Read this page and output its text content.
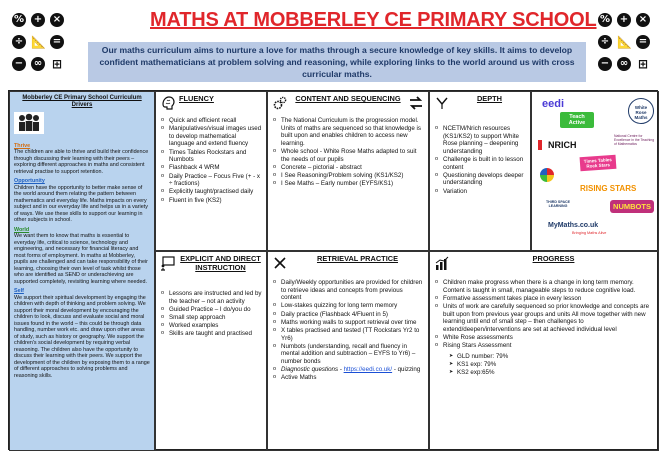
MATHS AT MOBBERLEY CE PRIMARY SCHOOL
% + ×
÷ 📐 =
− ∞ ⊞
% + ×
÷ 📐 =
− ∞ ⊞
Our maths curriculum aims to nurture a love for maths through a secure knowledge of key skills. It aims to develop confident mathematicians at problem solving and reasoning, while exploring links to the world around us with cross curricular maths.
Mobberley CE Primary School Curriculum Drivers
Thrive

The children are able to thrive and build their confidence through discussing their learning with their peers – exploring different approaches in maths and consistent retrieval practise to support retention.

Opportunity

Children have the opportunity to better make sense of the world around them relating the pattern between mathematics and everyday life. Maths impacts on every subject and in our everyday life and helps us in a variety of ways. We use these skills to support our learning in other subjects in school.

World

We want them to know that maths is essential to everyday life, critical to science, technology and engineering, and necessary for financial literacy and most forms of employment. In maths at Mobberley, pupils are challenged and can take responsibility of their learning, choosing their own level of task whilst those who are identified as SEND or underachieving are supported completely, revisiting learning where needed.

Self

We support their spiritual development by engaging the children with depth of thinking and problem solving. We support their moral development by encouraging the children to look, discuss and evaluate social and moral issues found in the world – this could be through data handling, number work etc. and draw upon other areas of study, such as history or geography. We support the children's social development by requiring verbal reasoning. The children also have the opportunity to discuss their learning with their peers. We support the development of the children by exposing them to a range of different approaches to solving problems and reasoning skills.

FLUENCY
o Quick and efficient recall
o Manipulatives/visual images used to develop mathematical language and extend fluency
o Times Tables Rockstars and Numbots
o Flashback 4 WRM
o Daily Practice – Focus Five (+ - x ÷ fractions)
o Explicitly taught/practised daily
o Fluent in five (KS2)
CONTENT AND SEQUENCING
o The National Curriculum is the progression model. Units of maths are sequenced so that knowledge is built upon and enables children to access new learning.
o Whole school - White Rose Maths adapted to suit the needs of our pupils
o Concrete – pictorial - abstract
o I See Reasoning/Problem solving (KS1/KS2)
o I See Maths – Early number (EYFS/KS1)
DEPTH
o NCETM/Nrich resources (KS1/KS2) to support White Rose planning – deepening understanding
o Challenge is built in to lesson content
o Questioning develops deeper understanding
o Variation
eedi
Teach Active
White Rose Maths
NRICH
National Centre for Excellence in the Teaching of Mathematics
Times Tables Rock Stars
RISING STARS
THIRD SPACE LEARNING	NUMBOTS
MyMaths.co.uk
Bringing Maths Alive
EXPLICIT AND DIRECT INSTRUCTION
o Lessons are instructed and led by the teacher – not an activity
o Guided Practice – I do/you do
o Small step approach
o Worked examples
o Skills are taught and practised
RETRIEVAL PRACTICE
o Daily/Weekly opportunities are provided for children to retrieve ideas and concepts from previous content
o Low-stakes quizzing for long term memory
o Daily practice (Flashback 4/Fluent in 5)
o Maths working walls to support retrieval over time
o X tables practised and tested (TT Rockstars Yr2 to Yr6)
o Numbots (understanding, recall and fluency in mental addition and subtraction – EYFS to Yr6) – number bonds
o Diagnostic questions - https://eedi.co.uk/ - quizzing
o Active Maths
PROGRESS
o Children make progress when there is a change in long term memory. Content is taught in small, manageable steps to reduce cognitive load.
o Formative assessment takes place in every lesson
o Units of work are carefully sequenced so prior knowledge and concepts are built upon from previous year groups and units All move together with new learning until end of small step – then challenges to extend/deepen/interventions are set at achieved individual level
o White Rose assessments
o Rising Stars Assessment
➤ GLD number: 79%
➤ KS1 exp: 79%
➤ KS2 exp:65%
